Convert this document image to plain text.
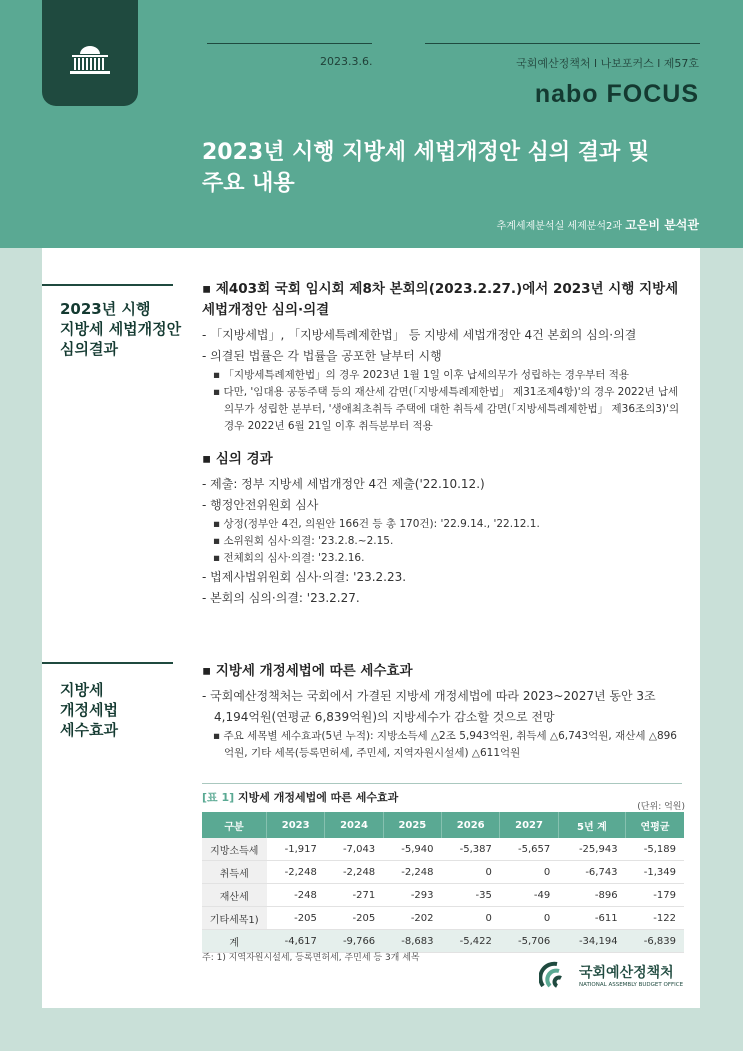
2023.3.6.	국회예산정책처 l 나보포커스 l 제57호
nabo FOCUS
2023년 시행 지방세 세법개정안 심의 결과 및
주요 내용
추계세제분석실 세제분석2과 고은비 분석관
2023년 시행
지방세 세법개정안
심의결과

▪ 제403회 국회 임시회 제8차 본회의(2023.2.27.)에서 2023년 시행 지방세 세법개정안 심의·의결

- 「지방세법」, 「지방세특례제한법」 등 지방세 세법개정안 4건 본회의 심의·의결

- 의결된 법률은 각 법률을 공포한 날부터 시행

▪ 「지방세특례제한법」의 경우 2023년 1월 1일 이후 납세의무가 성립하는 경우부터 적용

▪ 다만, '임대용 공동주택 등의 재산세 감면(「지방세특례제한법」 제31조제4항)'의 경우 2022년 납세의무가 성립한 분부터, '생애최초취득 주택에 대한 취득세 감면(「지방세특례제한법」 제36조의3)'의 경우 2022년 6월 21일 이후 취득분부터 적용

▪ 심의 경과

- 제출: 정부 지방세 세법개정안 4건 제출('22.10.12.)

- 행정안전위원회 심사

▪ 상정(정부안 4건, 의원안 166건 등 총 170건): '22.9.14., '22.12.1.

▪ 소위원회 심사·의결: '23.2.8.~2.15.

▪ 전체회의 심사·의결: '23.2.16.

- 법제사법위원회 심사·의결: '23.2.23.

- 본회의 심의·의결: '23.2.27.

지방세
개정세법
세수효과

▪ 지방세 개정세법에 따른 세수효과

- 국회예산정책처는 국회에서 가결된 지방세 개정세법에 따라 2023~2027년 동안 3조 4,194억원(연평균 6,839억원)의 지방세수가 감소할 것으로 전망

▪ 주요 세목별 세수효과(5년 누적): 지방소득세 △2조 5,943억원, 취득세 △6,743억원, 재산세 △896억원, 기타 세목(등록면허세, 주민세, 지역자원시설세) △611억원

[표 1] 지방세 개정세법에 따른 세수효과
(단위: 억원)
구분	2023	2024	2025	2026	2027	5년 계	연평균
지방소득세	-1,917	-7,043	-5,940	-5,387	-5,657	-25,943	-5,189
취득세	-2,248	-2,248	-2,248	0	0	-6,743	-1,349
재산세	-248	-271	-293	-35	-49	-896	-179
기타세목1)	-205	-205	-202	0	0	-611	-122
계	-4,617	-9,766	-8,683	-5,422	-5,706	-34,194	-6,839
주: 1) 지역자원시설세, 등록면허세, 주민세 등 3개 세목
국회예산정책처
NATIONAL ASSEMBLY BUDGET OFFICE
